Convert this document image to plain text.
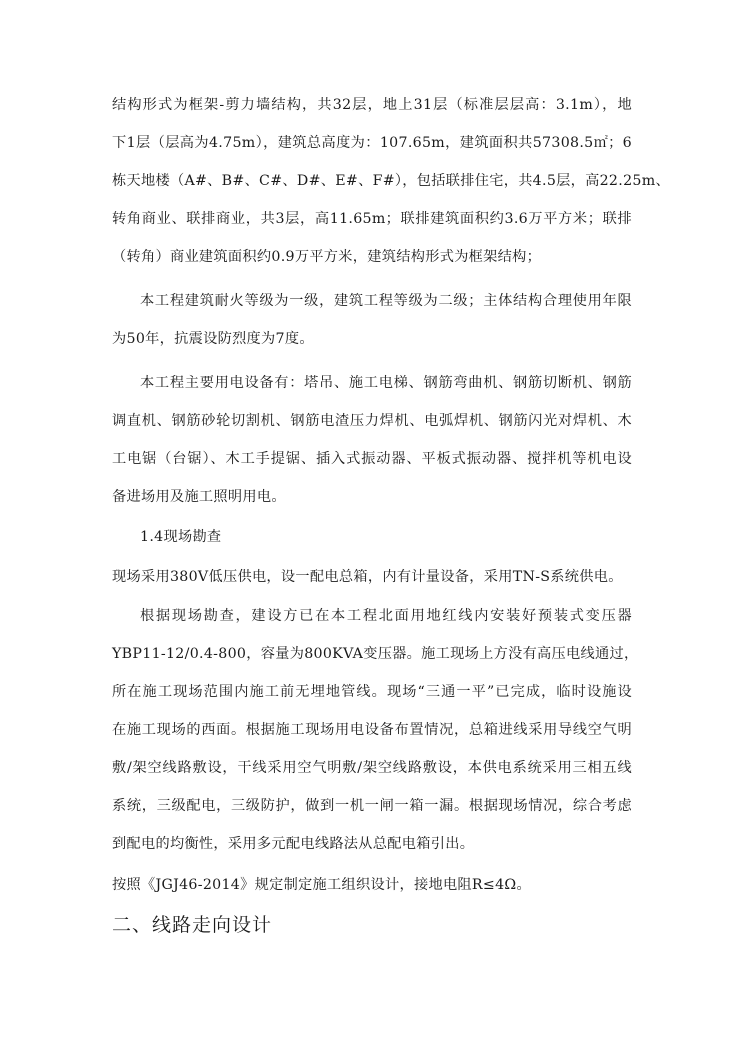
结构形式为框架-剪力墙结构，共32层，地上31层（标准层层高：3.1m），地
下1层（层高为4.75m），建筑总高度为：107.65m，建筑面积共57308.5㎡；6
栋天地楼（A#、B#、C#、D#、E#、F#），包括联排住宅，共4.5层，高22.25m、
转角商业、联排商业，共3层，高11.65m；联排建筑面积约3.6万平方米；联排
（转角）商业建筑面积约0.9万平方米，建筑结构形式为框架结构；
本工程建筑耐火等级为一级，建筑工程等级为二级；主体结构合理使用年限
为50年，抗震设防烈度为7度。
本工程主要用电设备有：塔吊、施工电梯、钢筋弯曲机、钢筋切断机、钢筋
调直机、钢筋砂轮切割机、钢筋电渣压力焊机、电弧焊机、钢筋闪光对焊机、木
工电锯（台锯）、木工手提锯、插入式振动器、平板式振动器、搅拌机等机电设
备进场用及施工照明用电。
1.4现场勘查
现场采用380V低压供电，设一配电总箱，内有计量设备，采用TN-S系统供电。
根据现场勘查，建设方已在本工程北面用地红线内安装好预装式变压器
YBP11-12/0.4-800，容量为800KVA变压器。施工现场上方没有高压电线通过，
所在施工现场范围内施工前无埋地管线。现场“三通一平”已完成，临时设施设
在施工现场的西面。根据施工现场用电设备布置情况，总箱进线采用导线空气明
敷/架空线路敷设，干线采用空气明敷/架空线路敷设，本供电系统采用三相五线
系统，三级配电，三级防护，做到一机一闸一箱一漏。根据现场情况，综合考虑
到配电的均衡性，采用多元配电线路法从总配电箱引出。
按照《JGJ46-2014》规定制定施工组织设计，接地电阻R≤4Ω。
二、线路走向设计
